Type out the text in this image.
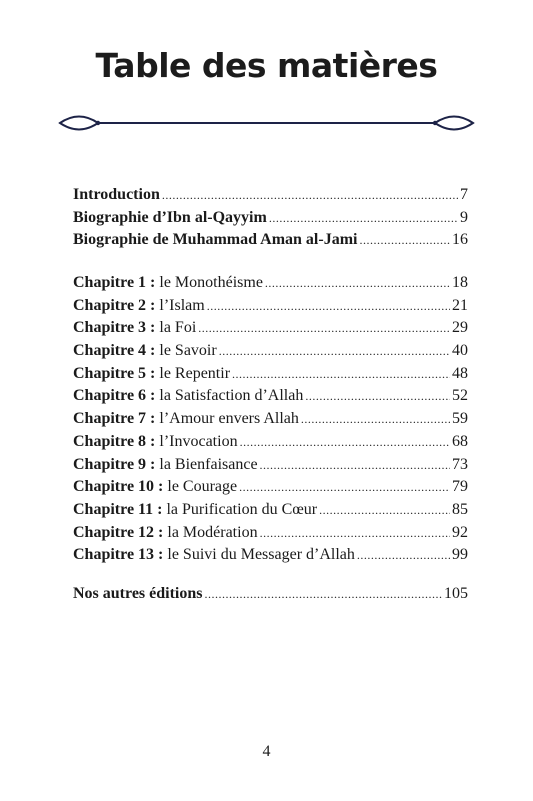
Table des matières
Introduction .....	7
Biographie d’Ibn al-Qayyim .....	9
Biographie de Muhammad Aman al-Jami .....	16
Chapitre 1 : le Monothéisme .....	18
Chapitre 2 : l’Islam .....	21
Chapitre 3 : la Foi .....	29
Chapitre 4 : le Savoir .....	40
Chapitre 5 : le Repentir .....	48
Chapitre 6 : la Satisfaction d’Allah .....	52
Chapitre 7 : l’Amour envers Allah .....	59
Chapitre 8 : l’Invocation .....	68
Chapitre 9 : la Bienfaisance .....	73
Chapitre 10 : le Courage .....	79
Chapitre 11 : la Purification du Cœur .....	85
Chapitre 12 : la Modération .....	92
Chapitre 13 : le Suivi du Messager d’Allah .....	99
Nos autres éditions .....	105
4
